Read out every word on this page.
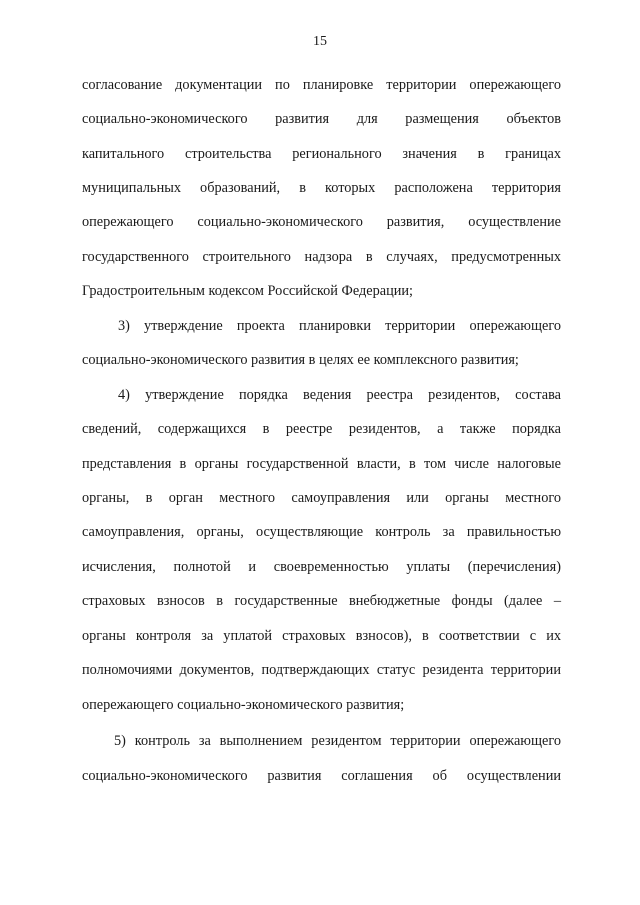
15
согласование документации по планировке территории опережающего
социально-экономического развития для размещения объектов
капитального строительства регионального значения в границах
муниципальных образований, в которых расположена территория
опережающего социально-экономического развития, осуществление
государственного строительного надзора в случаях, предусмотренных
Градостроительным кодексом Российской Федерации;
3) утверждение проекта планировки территории опережающего
социально-экономического развития в целях ее комплексного развития;
4) утверждение порядка ведения реестра резидентов, состава
сведений, содержащихся в реестре резидентов, а также порядка
представления в органы государственной власти, в том числе налоговые
органы, в орган местного самоуправления или органы местного
самоуправления, органы, осуществляющие контроль за правильностью
исчисления, полнотой и своевременностью уплаты (перечисления)
страховых взносов в государственные внебюджетные фонды (далее –
органы контроля за уплатой страховых взносов), в соответствии с их
полномочиями документов, подтверждающих статус резидента территории
опережающего социально-экономического развития;
5) контроль за выполнением резидентом территории опережающего
социально-экономического развития соглашения об осуществлении
